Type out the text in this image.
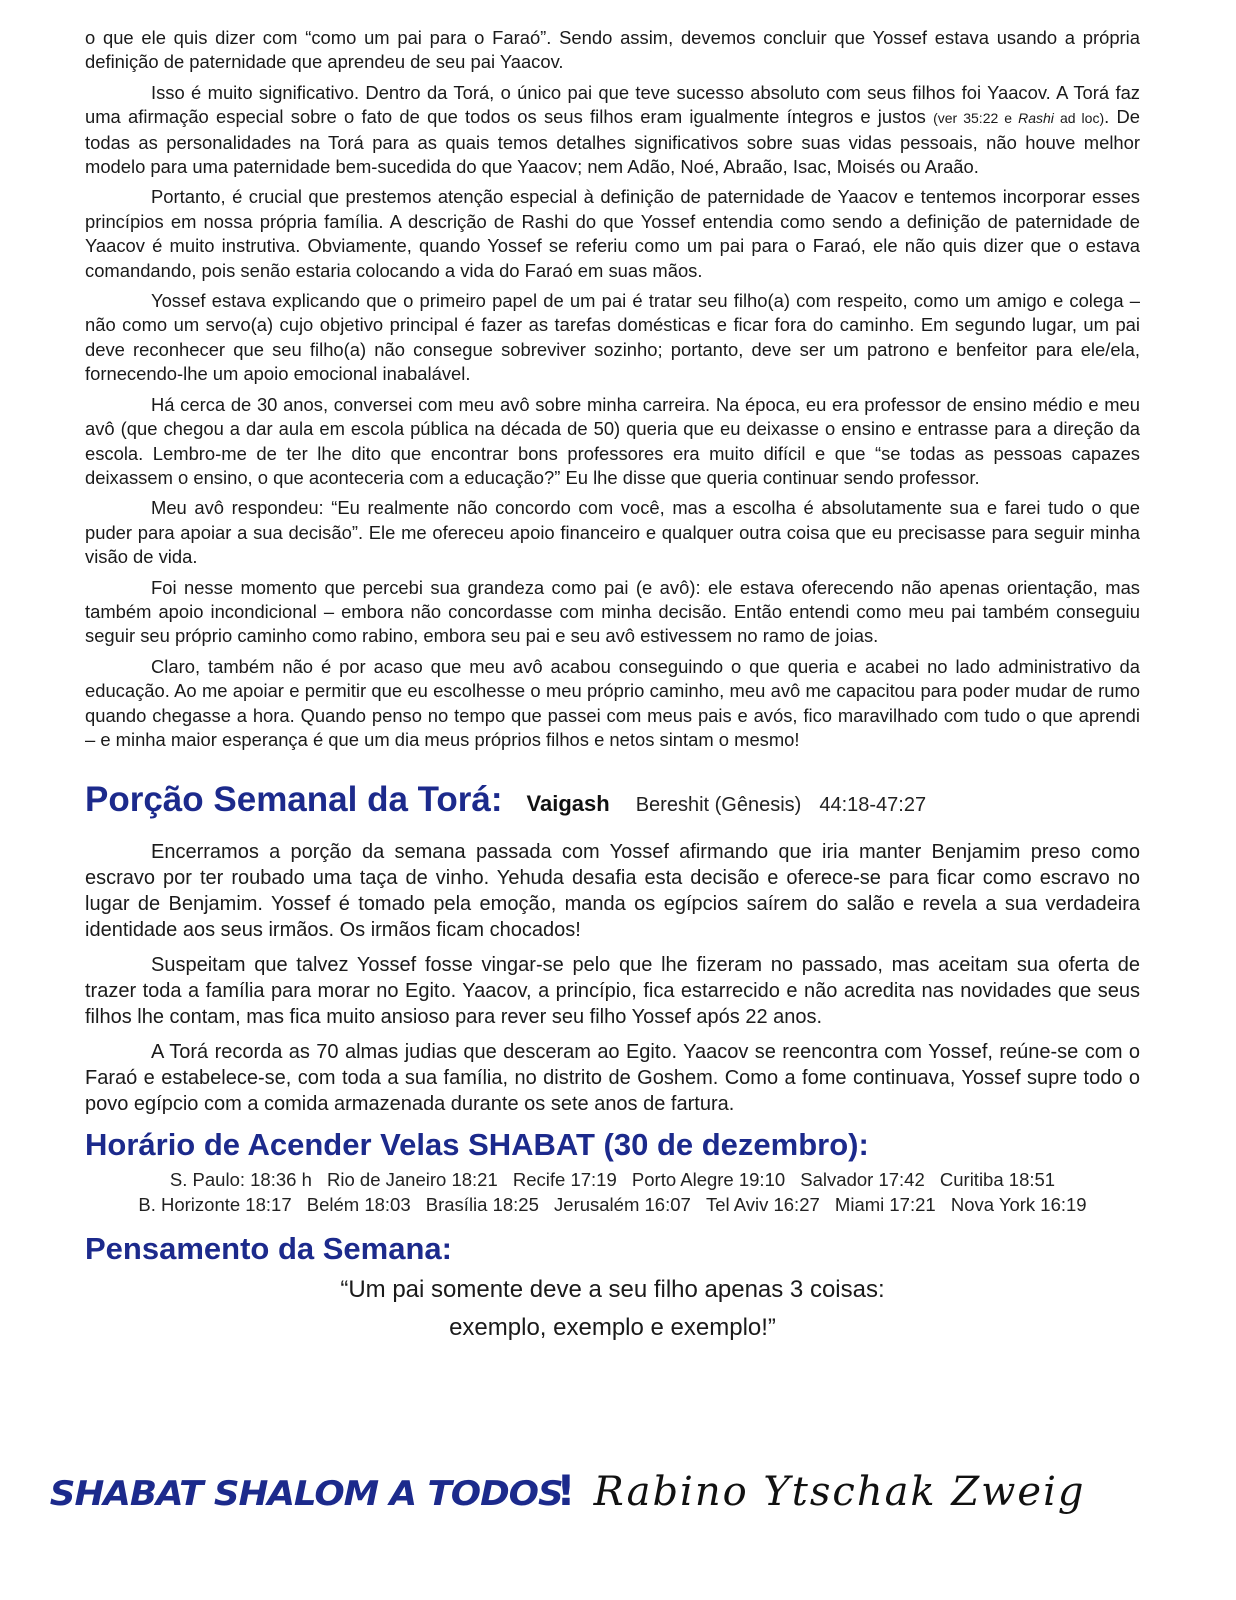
o que ele quis dizer com “como um pai para o Faraó”. Sendo assim, devemos concluir que Yossef estava usando a própria definição de paternidade que aprendeu de seu pai Yaacov.

Isso é muito significativo. Dentro da Torá, o único pai que teve sucesso absoluto com seus filhos foi Yaacov. A Torá faz uma afirmação especial sobre o fato de que todos os seus filhos eram igualmente íntegros e justos (ver 35:22 e Rashi ad loc). De todas as personalidades na Torá para as quais temos detalhes significativos sobre suas vidas pessoais, não houve melhor modelo para uma paternidade bem-sucedida do que Yaacov; nem Adão, Noé, Abraão, Isac, Moisés ou Araão.

Portanto, é crucial que prestemos atenção especial à definição de paternidade de Yaacov e tentemos incorporar esses princípios em nossa própria família. A descrição de Rashi do que Yossef entendia como sendo a definição de paternidade de Yaacov é muito instrutiva. Obviamente, quando Yossef se referiu como um pai para o Faraó, ele não quis dizer que o estava comandando, pois senão estaria colocando a vida do Faraó em suas mãos.

Yossef estava explicando que o primeiro papel de um pai é tratar seu filho(a) com respeito, como um amigo e colega – não como um servo(a) cujo objetivo principal é fazer as tarefas domésticas e ficar fora do caminho. Em segundo lugar, um pai deve reconhecer que seu filho(a) não consegue sobreviver sozinho; portanto, deve ser um patrono e benfeitor para ele/ela, fornecendo-lhe um apoio emocional inabalável.

Há cerca de 30 anos, conversei com meu avô sobre minha carreira. Na época, eu era professor de ensino médio e meu avô (que chegou a dar aula em escola pública na década de 50) queria que eu deixasse o ensino e entrasse para a direção da escola. Lembro-me de ter lhe dito que encontrar bons professores era muito difícil e que “se todas as pessoas capazes deixassem o ensino, o que aconteceria com a educação?” Eu lhe disse que queria continuar sendo professor.

Meu avô respondeu: “Eu realmente não concordo com você, mas a escolha é absolutamente sua e farei tudo o que puder para apoiar a sua decisão”. Ele me ofereceu apoio financeiro e qualquer outra coisa que eu precisasse para seguir minha visão de vida.

Foi nesse momento que percebi sua grandeza como pai (e avô): ele estava oferecendo não apenas orientação, mas também apoio incondicional – embora não concordasse com minha decisão. Então entendi como meu pai também conseguiu seguir seu próprio caminho como rabino, embora seu pai e seu avô estivessem no ramo de joias.

Claro, também não é por acaso que meu avô acabou conseguindo o que queria e acabei no lado administrativo da educação. Ao me apoiar e permitir que eu escolhesse o meu próprio caminho, meu avô me capacitou para poder mudar de rumo quando chegasse a hora. Quando penso no tempo que passei com meus pais e avós, fico maravilhado com tudo o que aprendi – e minha maior esperança é que um dia meus próprios filhos e netos sintam o mesmo!

Porção Semanal da Torá: Vaigash Bereshit (Gênesis) 44:18-47:27

Encerramos a porção da semana passada com Yossef afirmando que iria manter Benjamim preso como escravo por ter roubado uma taça de vinho. Yehuda desafia esta decisão e oferece-se para ficar como escravo no lugar de Benjamim. Yossef é tomado pela emoção, manda os egípcios saírem do salão e revela a sua verdadeira identidade aos seus irmãos. Os irmãos ficam chocados!

Suspeitam que talvez Yossef fosse vingar-se pelo que lhe fizeram no passado, mas aceitam sua oferta de trazer toda a família para morar no Egito. Yaacov, a princípio, fica estarrecido e não acredita nas novidades que seus filhos lhe contam, mas fica muito ansioso para rever seu filho Yossef após 22 anos.

A Torá recorda as 70 almas judias que desceram ao Egito. Yaacov se reencontra com Yossef, reúne-se com o Faraó e estabelece-se, com toda a sua família, no distrito de Goshem. Como a fome continuava, Yossef supre todo o povo egípcio com a comida armazenada durante os sete anos de fartura.

Horário de Acender Velas SHABAT (30 de dezembro):
S. Paulo: 18:36 h Rio de Janeiro 18:21 Recife 17:19 Porto Alegre 19:10 Salvador 17:42 Curitiba 18:51
B. Horizonte 18:17 Belém 18:03 Brasília 18:25 Jerusalém 16:07 Tel Aviv 16:27 Miami 17:21 Nova York 16:19
Pensamento da Semana:
“Um pai somente deve a seu filho apenas 3 coisas:
exemplo, exemplo e exemplo!”
SHABAT SHALOM A TODOS! Rabino Ytschak Zweig
